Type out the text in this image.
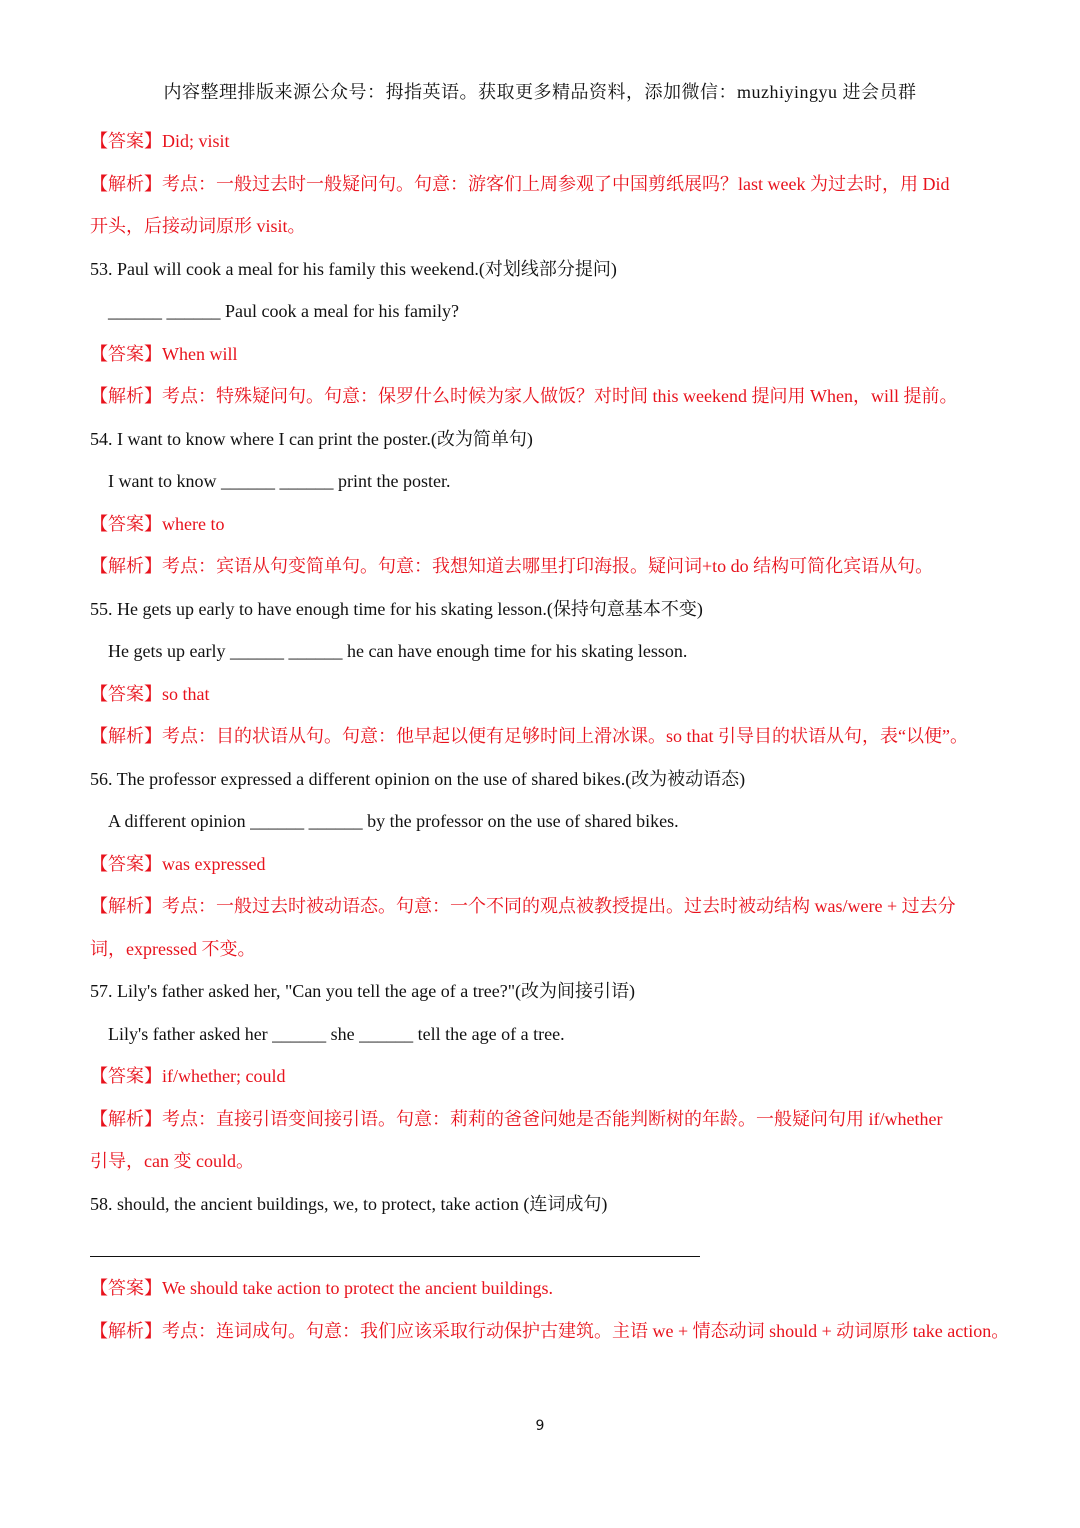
内容整理排版来源公众号：拇指英语。获取更多精品资料，添加微信：muzhiyingyu 进会员群
【答案】Did; visit
【解析】考点：一般过去时一般疑问句。句意：游客们上周参观了中国剪纸展吗？last week 为过去时，用 Did
开头，后接动词原形 visit。
53. Paul will cook a meal for his family this weekend.(对划线部分提问)
______ ______ Paul cook a meal for his family?
【答案】When will
【解析】考点：特殊疑问句。句意：保罗什么时候为家人做饭？对时间 this weekend 提问用 When，will 提前。
54. I want to know where I can print the poster.(改为简单句)
I want to know ______ ______ print the poster.
【答案】where to
【解析】考点：宾语从句变简单句。句意：我想知道去哪里打印海报。疑问词+to do 结构可简化宾语从句。
55. He gets up early to have enough time for his skating lesson.(保持句意基本不变)
He gets up early ______ ______ he can have enough time for his skating lesson.
【答案】so that
【解析】考点：目的状语从句。句意：他早起以便有足够时间上滑冰课。so that 引导目的状语从句，表“以便”。
56. The professor expressed a different opinion on the use of shared bikes.(改为被动语态)
A different opinion ______ ______ by the professor on the use of shared bikes.
【答案】was expressed
【解析】考点：一般过去时被动语态。句意：一个不同的观点被教授提出。过去时被动结构 was/were + 过去分
词，expressed 不变。
57. Lily's father asked her, "Can you tell the age of a tree?"(改为间接引语)
Lily's father asked her ______ she ______ tell the age of a tree.
【答案】if/whether; could
【解析】考点：直接引语变间接引语。句意：莉莉的爸爸问她是否能判断树的年龄。一般疑问句用 if/whether
引导，can 变 could。
58. should, the ancient buildings, we, to protect, take action (连词成句)
【答案】We should take action to protect the ancient buildings.
【解析】考点：连词成句。句意：我们应该采取行动保护古建筑。主语 we + 情态动词 should + 动词原形 take action。
9
